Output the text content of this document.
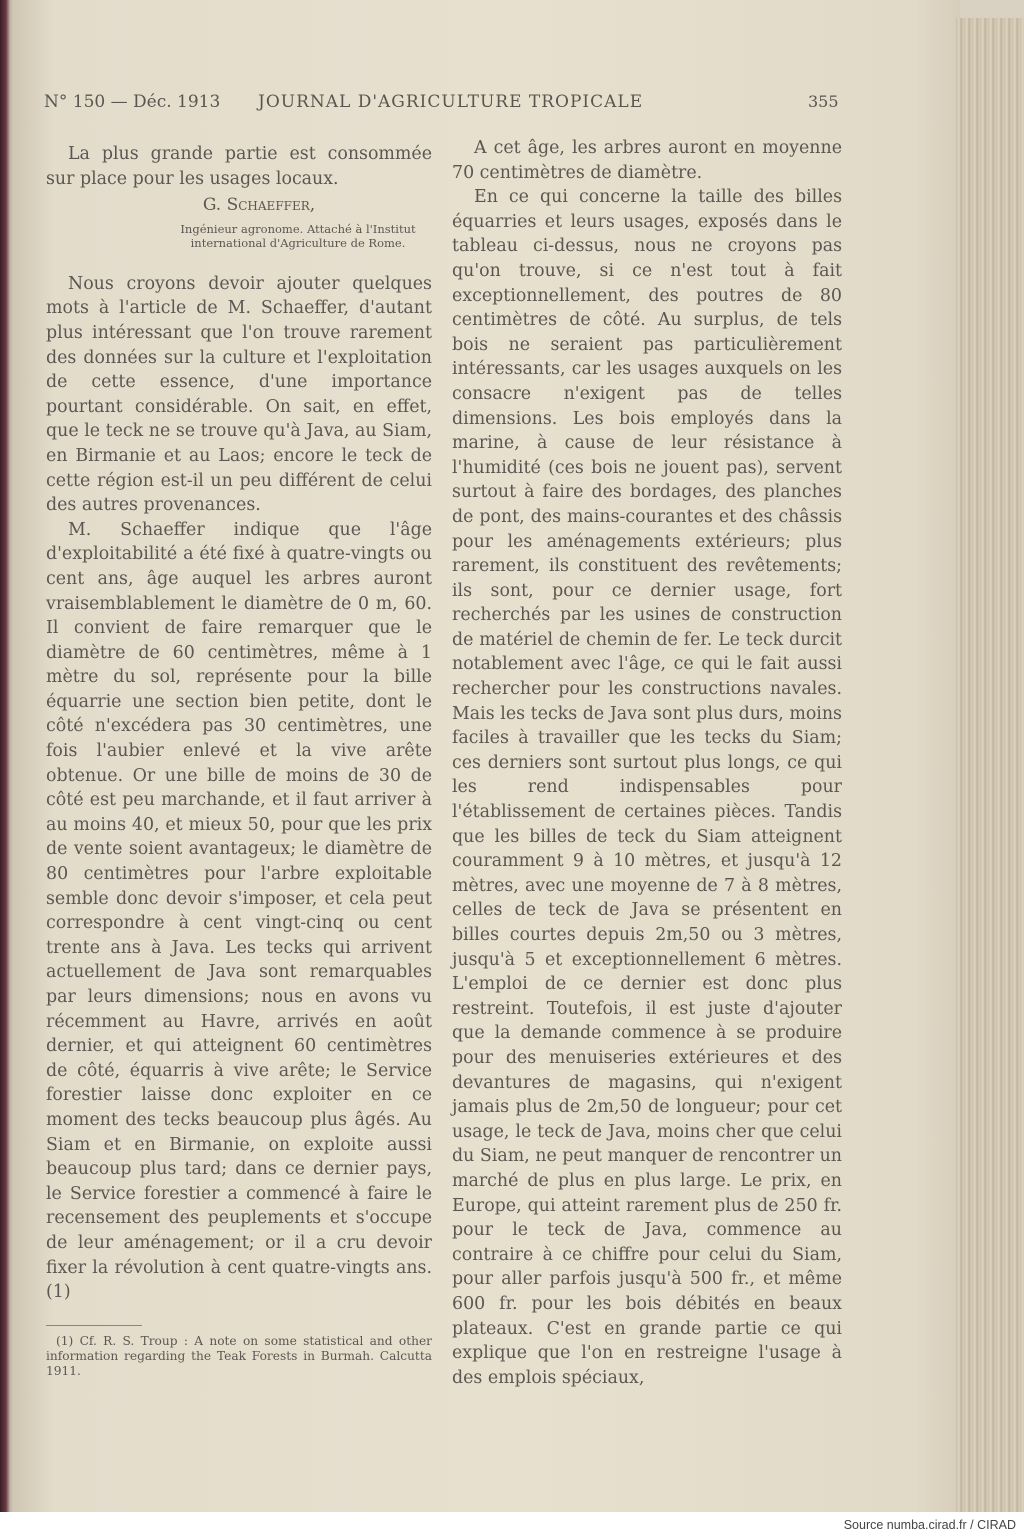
N° 150 — Déc. 1913 JOURNAL D'AGRICULTURE TROPICALE	355

La plus grande partie est consommée sur place pour les usages locaux.

G. Schaeffer,
Ingénieur agronome. Attaché à l'Institut international d'Agriculture de Rome.

Nous croyons devoir ajouter quelques mots à l'article de M. Schaeffer, d'autant plus intéressant que l'on trouve rarement des données sur la culture et l'exploitation de cette essence, d'une importance pourtant considérable. On sait, en effet, que le teck ne se trouve qu'à Java, au Siam, en Birmanie et au Laos; encore le teck de cette région est-il un peu différent de celui des autres provenances.

M. Schaeffer indique que l'âge d'exploitabilité a été fixé à quatre-vingts ou cent ans, âge auquel les arbres auront vraisemblablement le diamètre de 0 m, 60. Il convient de faire remarquer que le diamètre de 60 centimètres, même à 1 mètre du sol, représente pour la bille équarrie une section bien petite, dont le côté n'excédera pas 30 centimètres, une fois l'aubier enlevé et la vive arête obtenue. Or une bille de moins de 30 de côté est peu marchande, et il faut arriver à au moins 40, et mieux 50, pour que les prix de vente soient avantageux; le diamètre de 80 centimètres pour l'arbre exploitable semble donc devoir s'imposer, et cela peut correspondre à cent vingt-cinq ou cent trente ans à Java. Les tecks qui arrivent actuellement de Java sont remarquables par leurs dimensions; nous en avons vu récemment au Havre, arrivés en août dernier, et qui atteignent 60 centimètres de côté, équarris à vive arête; le Service forestier laisse donc exploiter en ce moment des tecks beaucoup plus âgés. Au Siam et en Birmanie, on exploite aussi beaucoup plus tard; dans ce dernier pays, le Service forestier a commencé à faire le recensement des peuplements et s'occupe de leur aménagement; or il a cru devoir fixer la révolution à cent quatre-vingts ans. (1)

(1) Cf. R. S. Troup : A note on some statistical and other information regarding the Teak Forests in Burmah. Calcutta 1911.

A cet âge, les arbres auront en moyenne 70 centimètres de diamètre.

En ce qui concerne la taille des billes équarries et leurs usages, exposés dans le tableau ci-dessus, nous ne croyons pas qu'on trouve, si ce n'est tout à fait exceptionnellement, des poutres de 80 centimètres de côté. Au surplus, de tels bois ne seraient pas particulièrement intéressants, car les usages auxquels on les consacre n'exigent pas de telles dimensions. Les bois employés dans la marine, à cause de leur résistance à l'humidité (ces bois ne jouent pas), servent surtout à faire des bordages, des planches de pont, des mains-courantes et des châssis pour les aménagements extérieurs; plus rarement, ils constituent des revêtements; ils sont, pour ce dernier usage, fort recherchés par les usines de construction de matériel de chemin de fer. Le teck durcit notablement avec l'âge, ce qui le fait aussi rechercher pour les constructions navales. Mais les tecks de Java sont plus durs, moins faciles à travailler que les tecks du Siam; ces derniers sont surtout plus longs, ce qui les rend indispensables pour l'établissement de certaines pièces. Tandis que les billes de teck du Siam atteignent couramment 9 à 10 mètres, et jusqu'à 12 mètres, avec une moyenne de 7 à 8 mètres, celles de teck de Java se présentent en billes courtes depuis 2m,50 ou 3 mètres, jusqu'à 5 et exceptionnellement 6 mètres. L'emploi de ce dernier est donc plus restreint. Toutefois, il est juste d'ajouter que la demande commence à se produire pour des menuiseries extérieures et des devantures de magasins, qui n'exigent jamais plus de 2m,50 de longueur; pour cet usage, le teck de Java, moins cher que celui du Siam, ne peut manquer de rencontrer un marché de plus en plus large. Le prix, en Europe, qui atteint rarement plus de 250 fr. pour le teck de Java, commence au contraire à ce chiffre pour celui du Siam, pour aller parfois jusqu'à 500 fr., et même 600 fr. pour les bois débités en beaux plateaux. C'est en grande partie ce qui explique que l'on en restreigne l'usage à des emplois spéciaux,

Source numba.cirad.fr / CIRAD
